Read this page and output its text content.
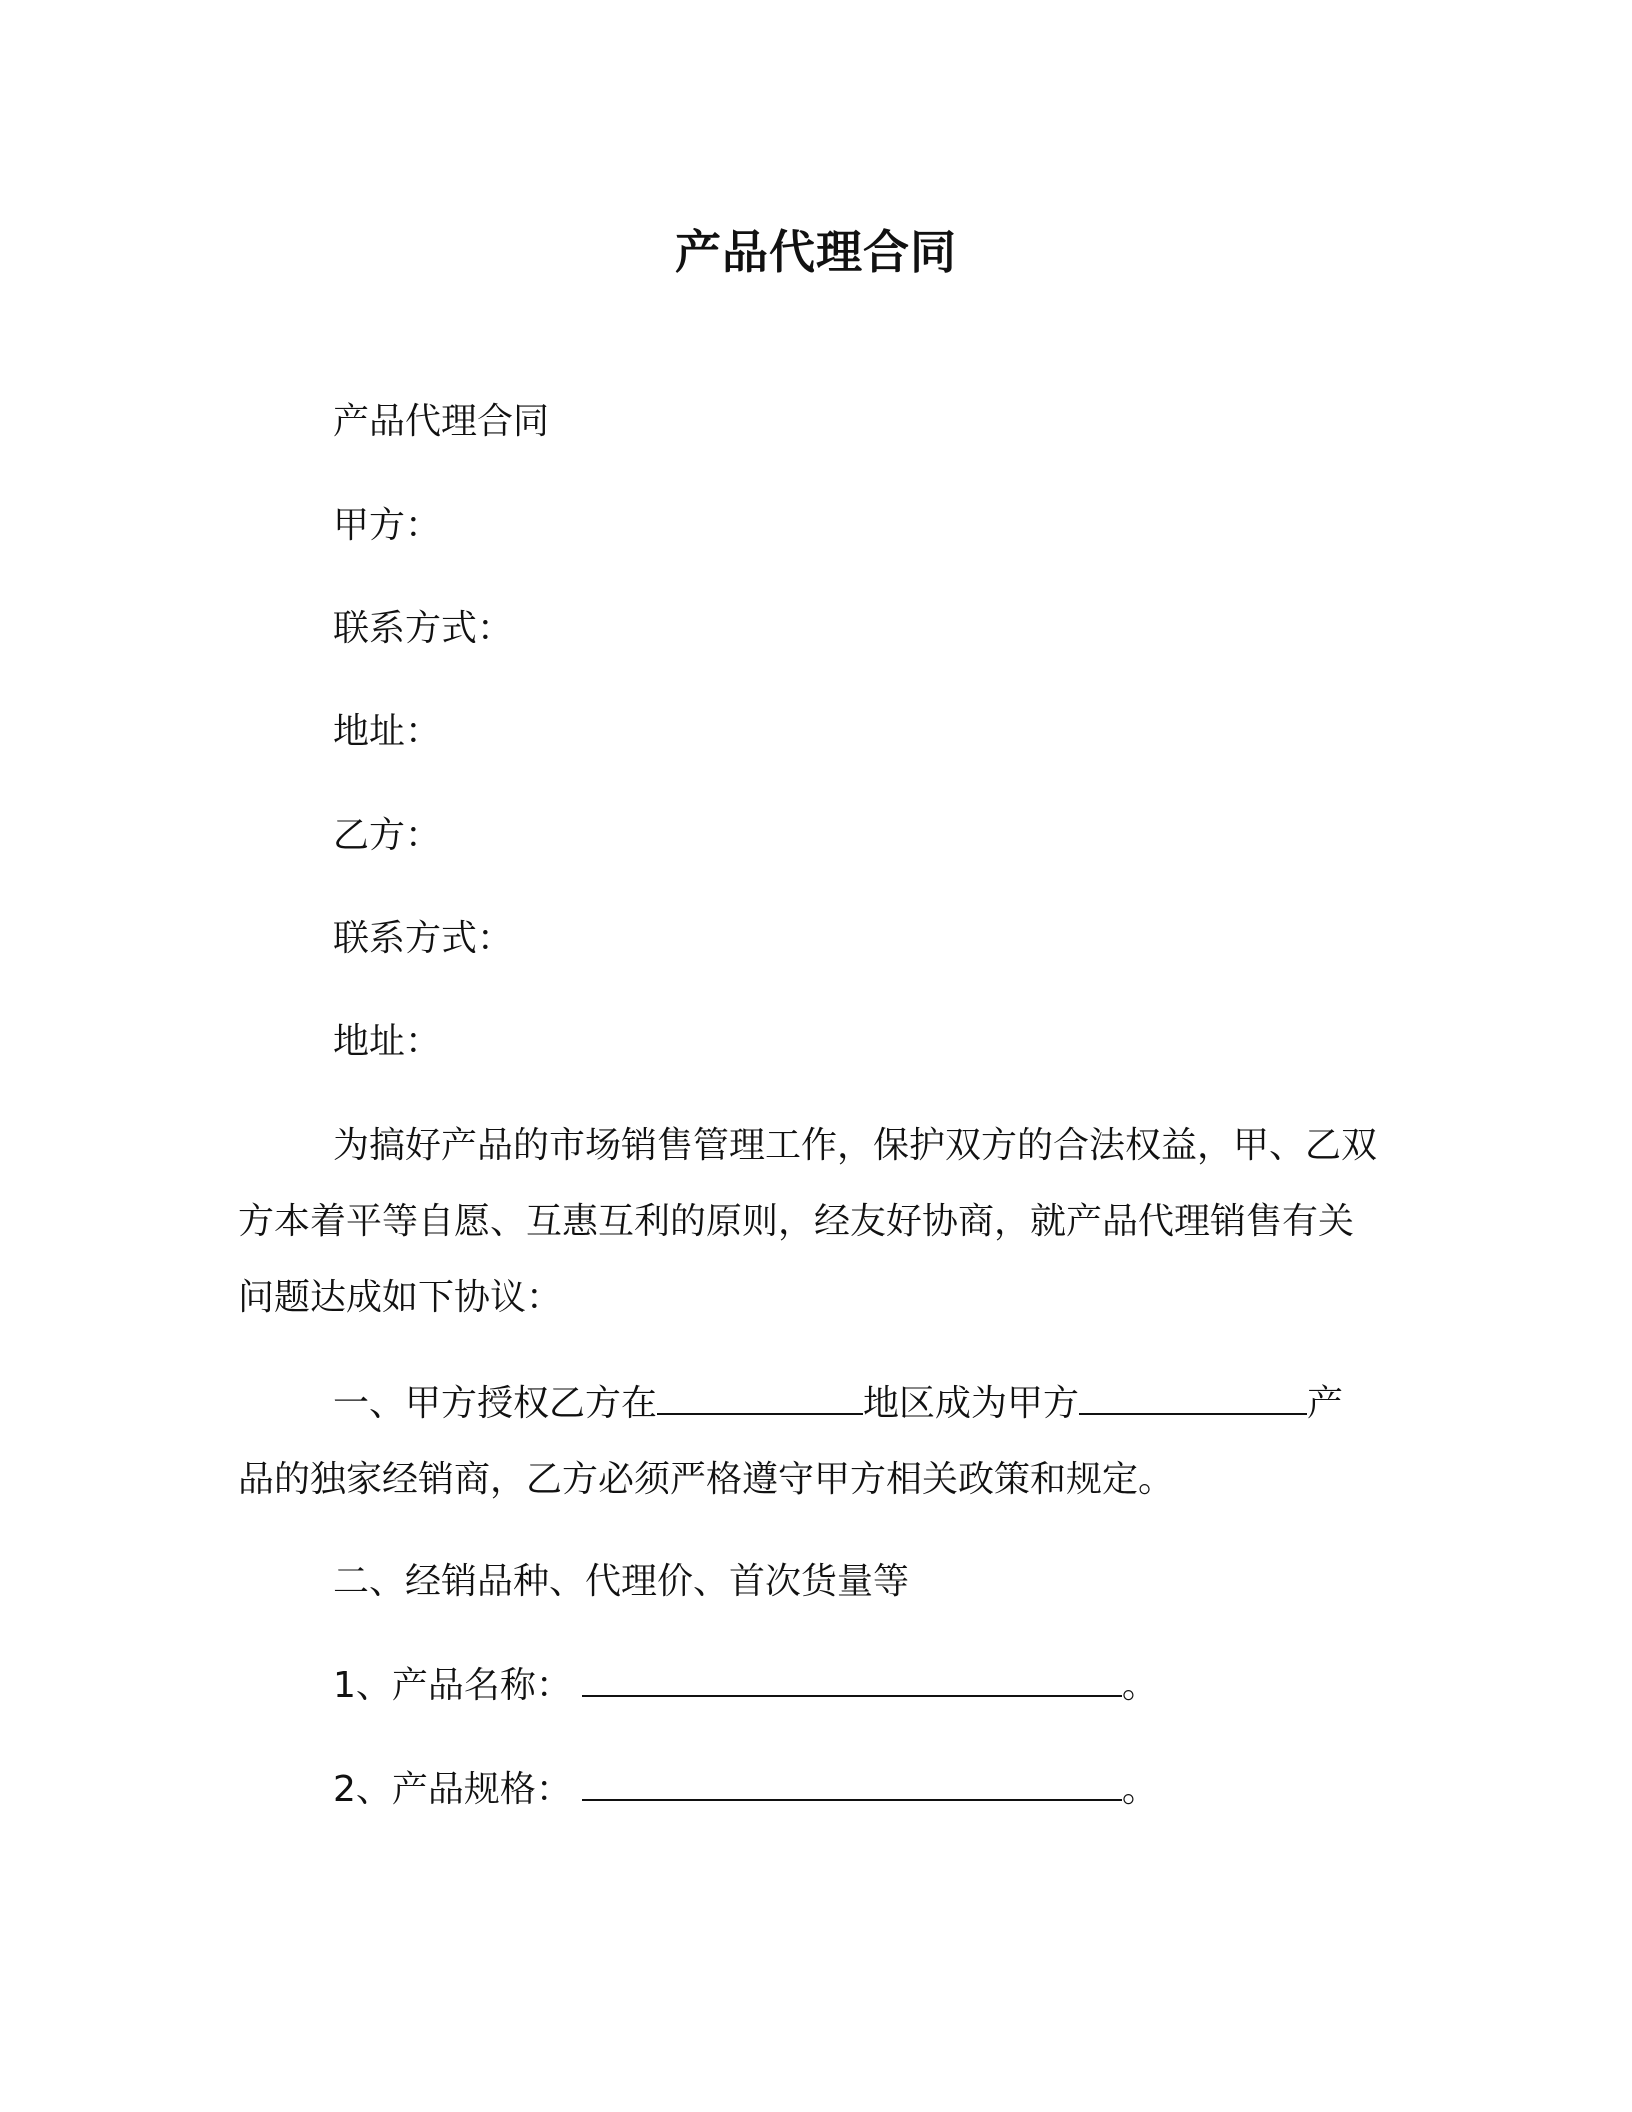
产品代理合同
产品代理合同
甲方：
联系方式：
地址：
乙方：
联系方式：
地址：
为搞好产品的市场销售管理工作，保护双方的合法权益，甲、乙双方本着平等自愿、互惠互利的原则，经友好协商，就产品代理销售有关问题达成如下协议：
一、甲方授权乙方在	地区成为甲方	产品的独家经销商，乙方必须严格遵守甲方相关政策和规定。
二、经销品种、代理价、首次货量等
1、产品名称：	。
2、产品规格：	。
